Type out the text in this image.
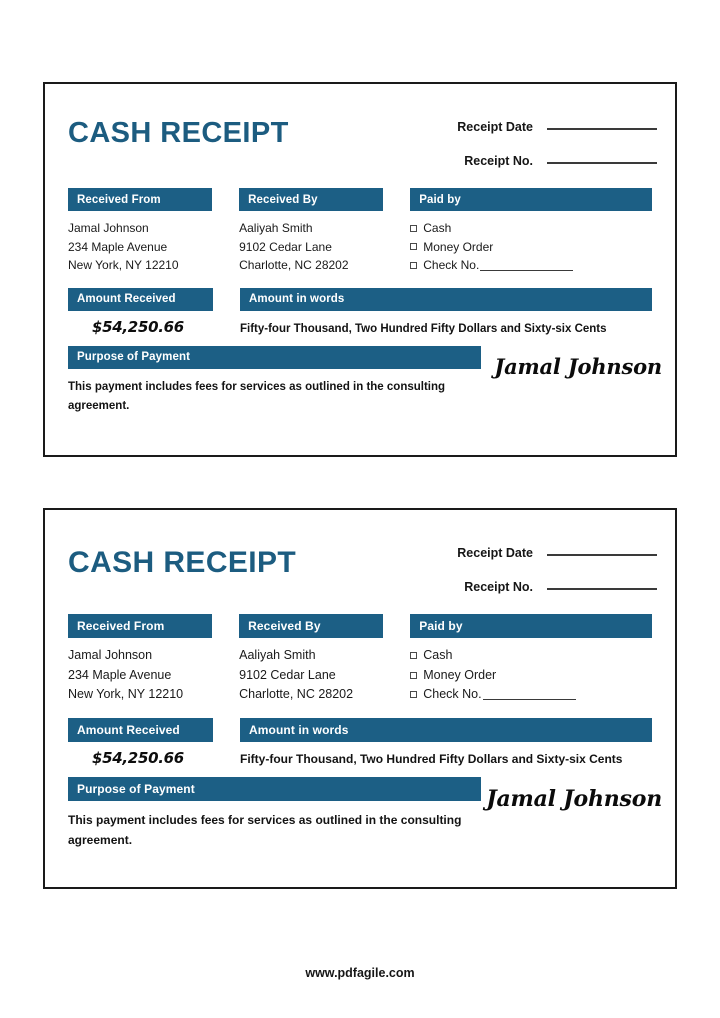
CASH RECEIPT	Receipt Date
Receipt No.
Received From
Jamal Johnson
234 Maple Avenue
New York, NY 12210
Received By
Aaliyah Smith
9102 Cedar Lane
Charlotte, NC 28202
Paid by
Cash
Money Order
Check No.
Amount Received	Amount in words
$54,250.66	Fifty-four Thousand, Two Hundred Fifty Dollars and Sixty-six Cents
Purpose of Payment
This payment includes fees for services as outlined in the consulting agreement.
Jamal Johnson
CASH RECEIPT	Receipt Date
Receipt No.
Received From
Jamal Johnson
234 Maple Avenue
New York, NY 12210
Received By
Aaliyah Smith
9102 Cedar Lane
Charlotte, NC 28202
Paid by
Cash
Money Order
Check No.
Amount Received	Amount in words
$54,250.66	Fifty-four Thousand, Two Hundred Fifty Dollars and Sixty-six Cents
Purpose of Payment
This payment includes fees for services as outlined in the consulting agreement.
Jamal Johnson
www.pdfagile.com
